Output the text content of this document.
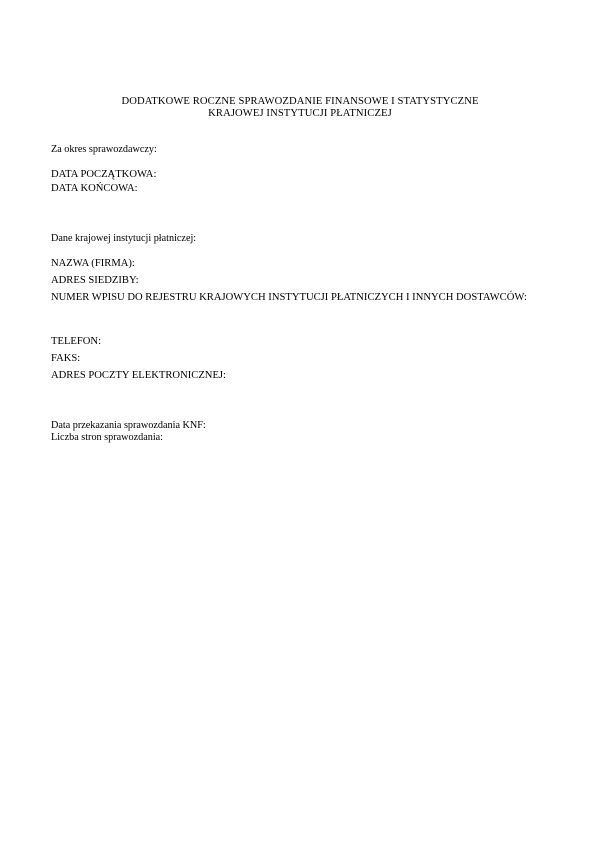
DODATKOWE ROCZNE SPRAWOZDANIE FINANSOWE I STATYSTYCZNE
KRAJOWEJ INSTYTUCJI PŁATNICZEJ
Za okres sprawozdawczy:
DATA POCZĄTKOWA:
DATA KOŃCOWA:
Dane krajowej instytucji płatniczej:
NAZWA (FIRMA):
ADRES SIEDZIBY:
NUMER WPISU DO REJESTRU KRAJOWYCH INSTYTUCJI PŁATNICZYCH I INNYCH DOSTAWCÓW:
TELEFON:
FAKS:
ADRES POCZTY ELEKTRONICZNEJ:
Data przekazania sprawozdania KNF:
Liczba stron sprawozdania:
